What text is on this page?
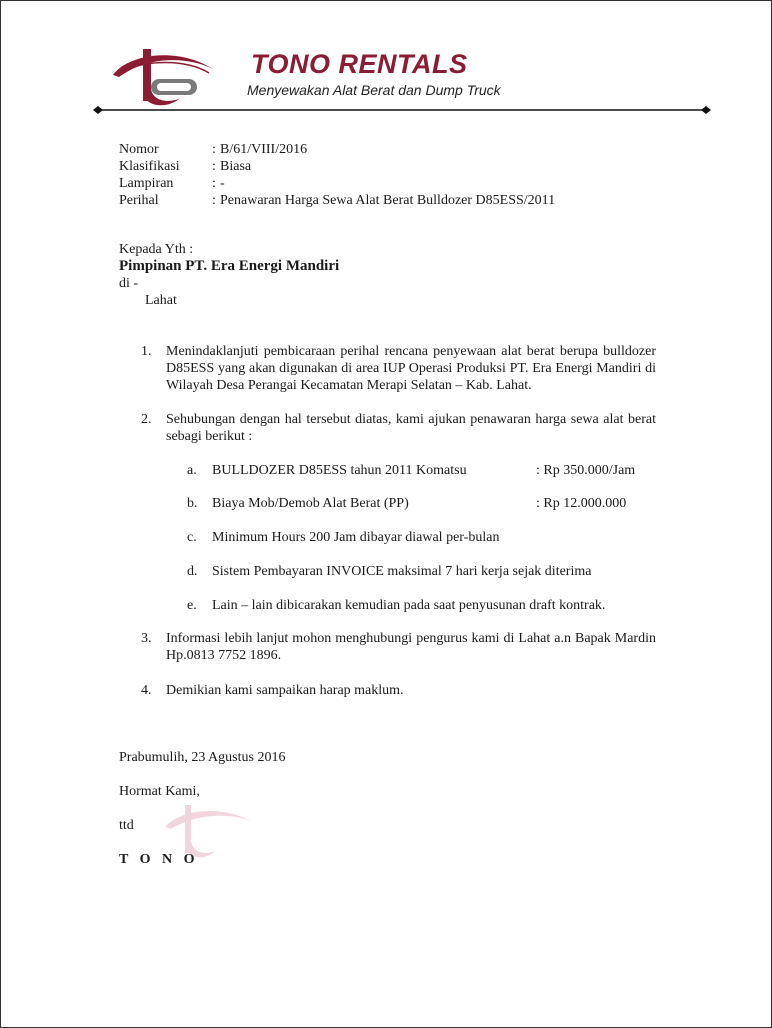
TONO RENTALS
Menyewakan Alat Berat dan Dump Truck
Nomor	: B/61/VIII/2016
Klasifikasi	: Biasa
Lampiran	: -
Perihal	: Penawaran Harga Sewa Alat Berat Bulldozer D85ESS/2011
Kepada Yth :
Pimpinan PT. Era Energi Mandiri
di -
Lahat
1.	Menindaklanjuti pembicaraan perihal rencana penyewaan alat berat berupa bulldozer D85ESS yang akan digunakan di area IUP Operasi Produksi PT. Era Energi Mandiri di Wilayah Desa Perangai Kecamatan Merapi Selatan – Kab. Lahat.
2.	Sehubungan dengan hal tersebut diatas, kami ajukan penawaran harga sewa alat berat sebagi berikut :
a.	BULLDOZER D85ESS tahun 2011 Komatsu	: Rp 350.000/Jam
b.	Biaya Mob/Demob Alat Berat (PP)	: Rp 12.000.000
c.	Minimum Hours 200 Jam dibayar diawal per-bulan
d.	Sistem Pembayaran INVOICE maksimal 7 hari kerja sejak diterima
e.	Lain – lain dibicarakan kemudian pada saat penyusunan draft kontrak.
3.	Informasi lebih lanjut mohon menghubungi pengurus kami di Lahat a.n Bapak Mardin Hp.0813 7752 1896.
4.	Demikian kami sampaikan harap maklum.
Prabumulih, 23 Agustus 2016
Hormat Kami,
ttd
T O N O
